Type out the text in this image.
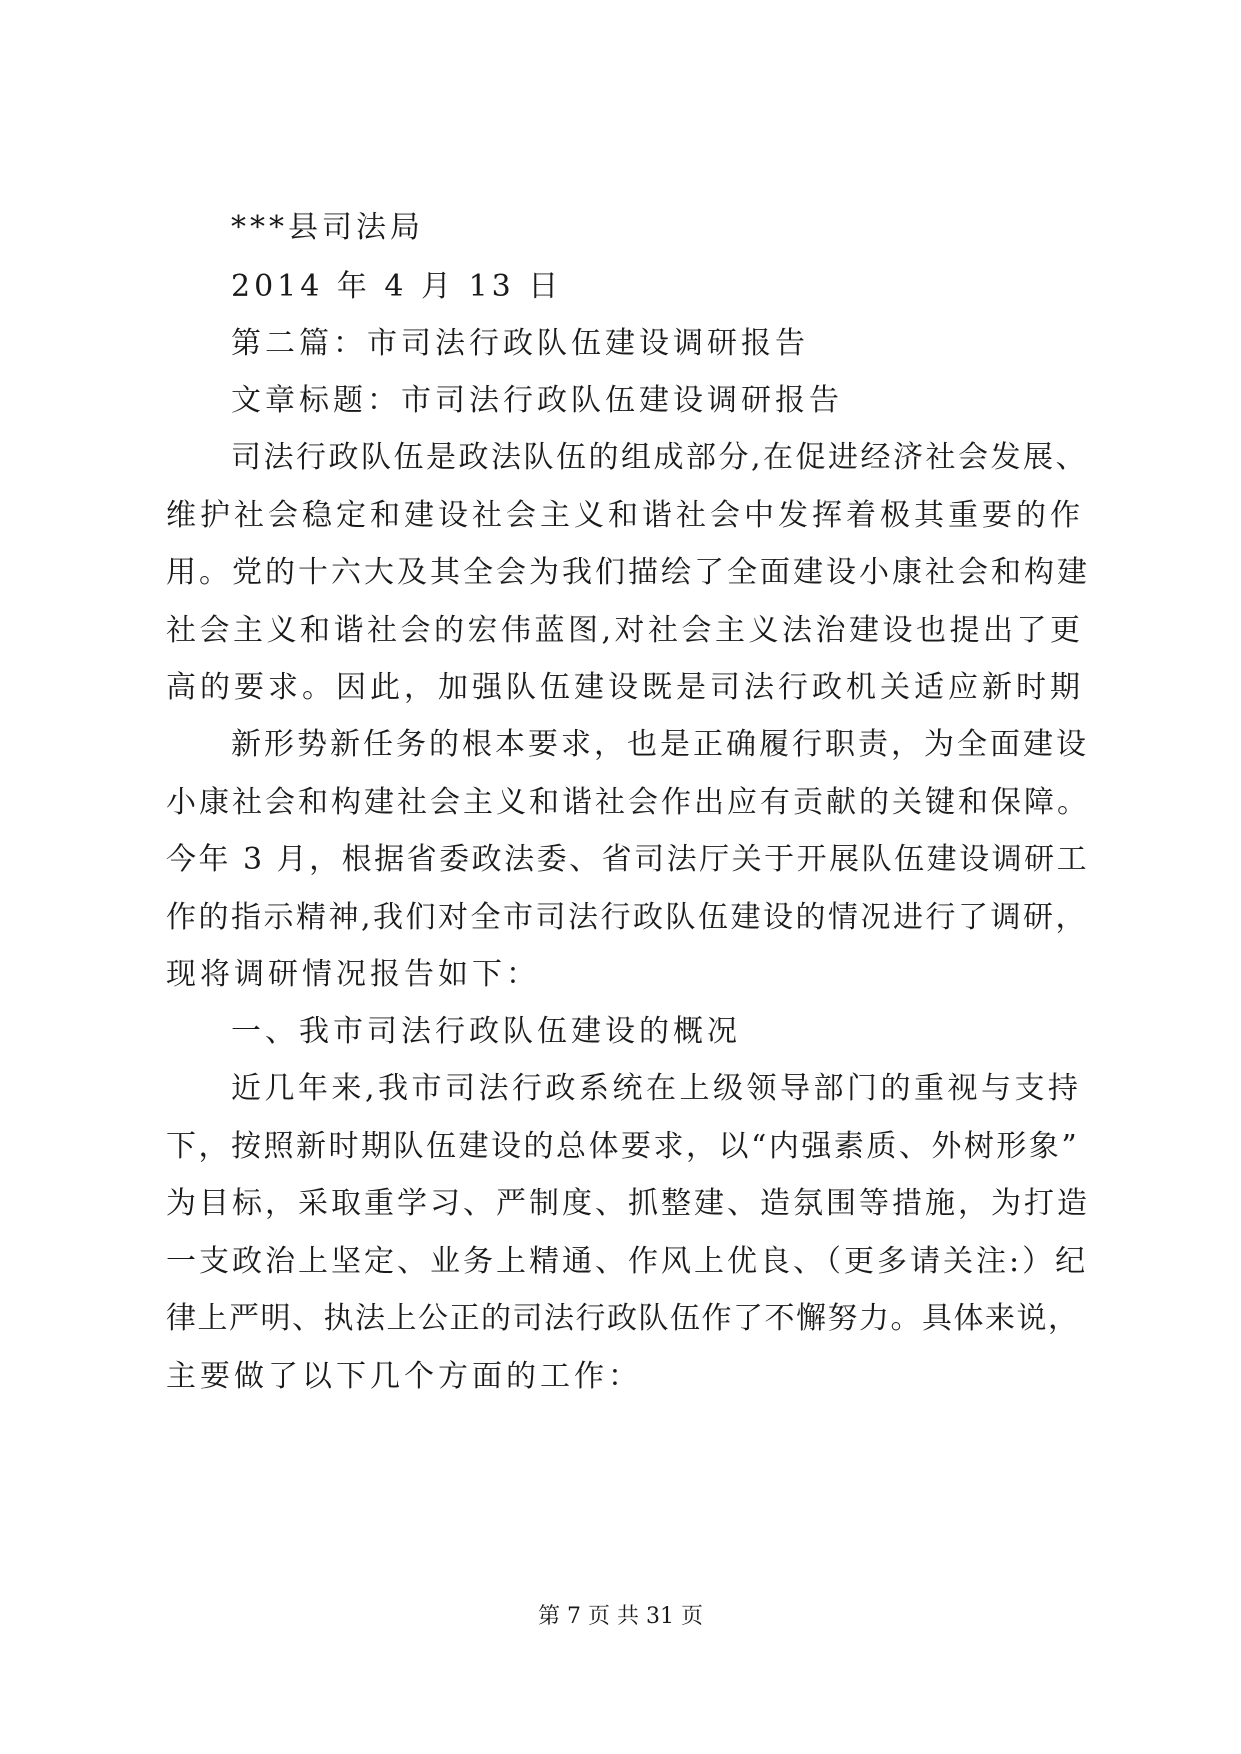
***县司法局
2014 年 4 月 13 日
第二篇：市司法行政队伍建设调研报告
文章标题：市司法行政队伍建设调研报告
司法行政队伍是政法队伍的组成部分,在促进经济社会发展、
维护社会稳定和建设社会主义和谐社会中发挥着极其重要的作
用。党的十六大及其全会为我们描绘了全面建设小康社会和构建
社会主义和谐社会的宏伟蓝图,对社会主义法治建设也提出了更
高的要求。因此，加强队伍建设既是司法行政机关适应新时期
新形势新任务的根本要求，也是正确履行职责，为全面建设
小康社会和构建社会主义和谐社会作出应有贡献的关键和保障。
今年 3 月，根据省委政法委、省司法厅关于开展队伍建设调研工
作的指示精神,我们对全市司法行政队伍建设的情况进行了调研，
现将调研情况报告如下：
一、我市司法行政队伍建设的概况
近几年来,我市司法行政系统在上级领导部门的重视与支持
下，按照新时期队伍建设的总体要求，以“内强素质、外树形象”
为目标，采取重学习、严制度、抓整建、造氛围等措施，为打造
一支政治上坚定、业务上精通、作风上优良、（更多请关注:）纪
律上严明、执法上公正的司法行政队伍作了不懈努力。具体来说，
主要做了以下几个方面的工作：
第 7 页 共 31 页
